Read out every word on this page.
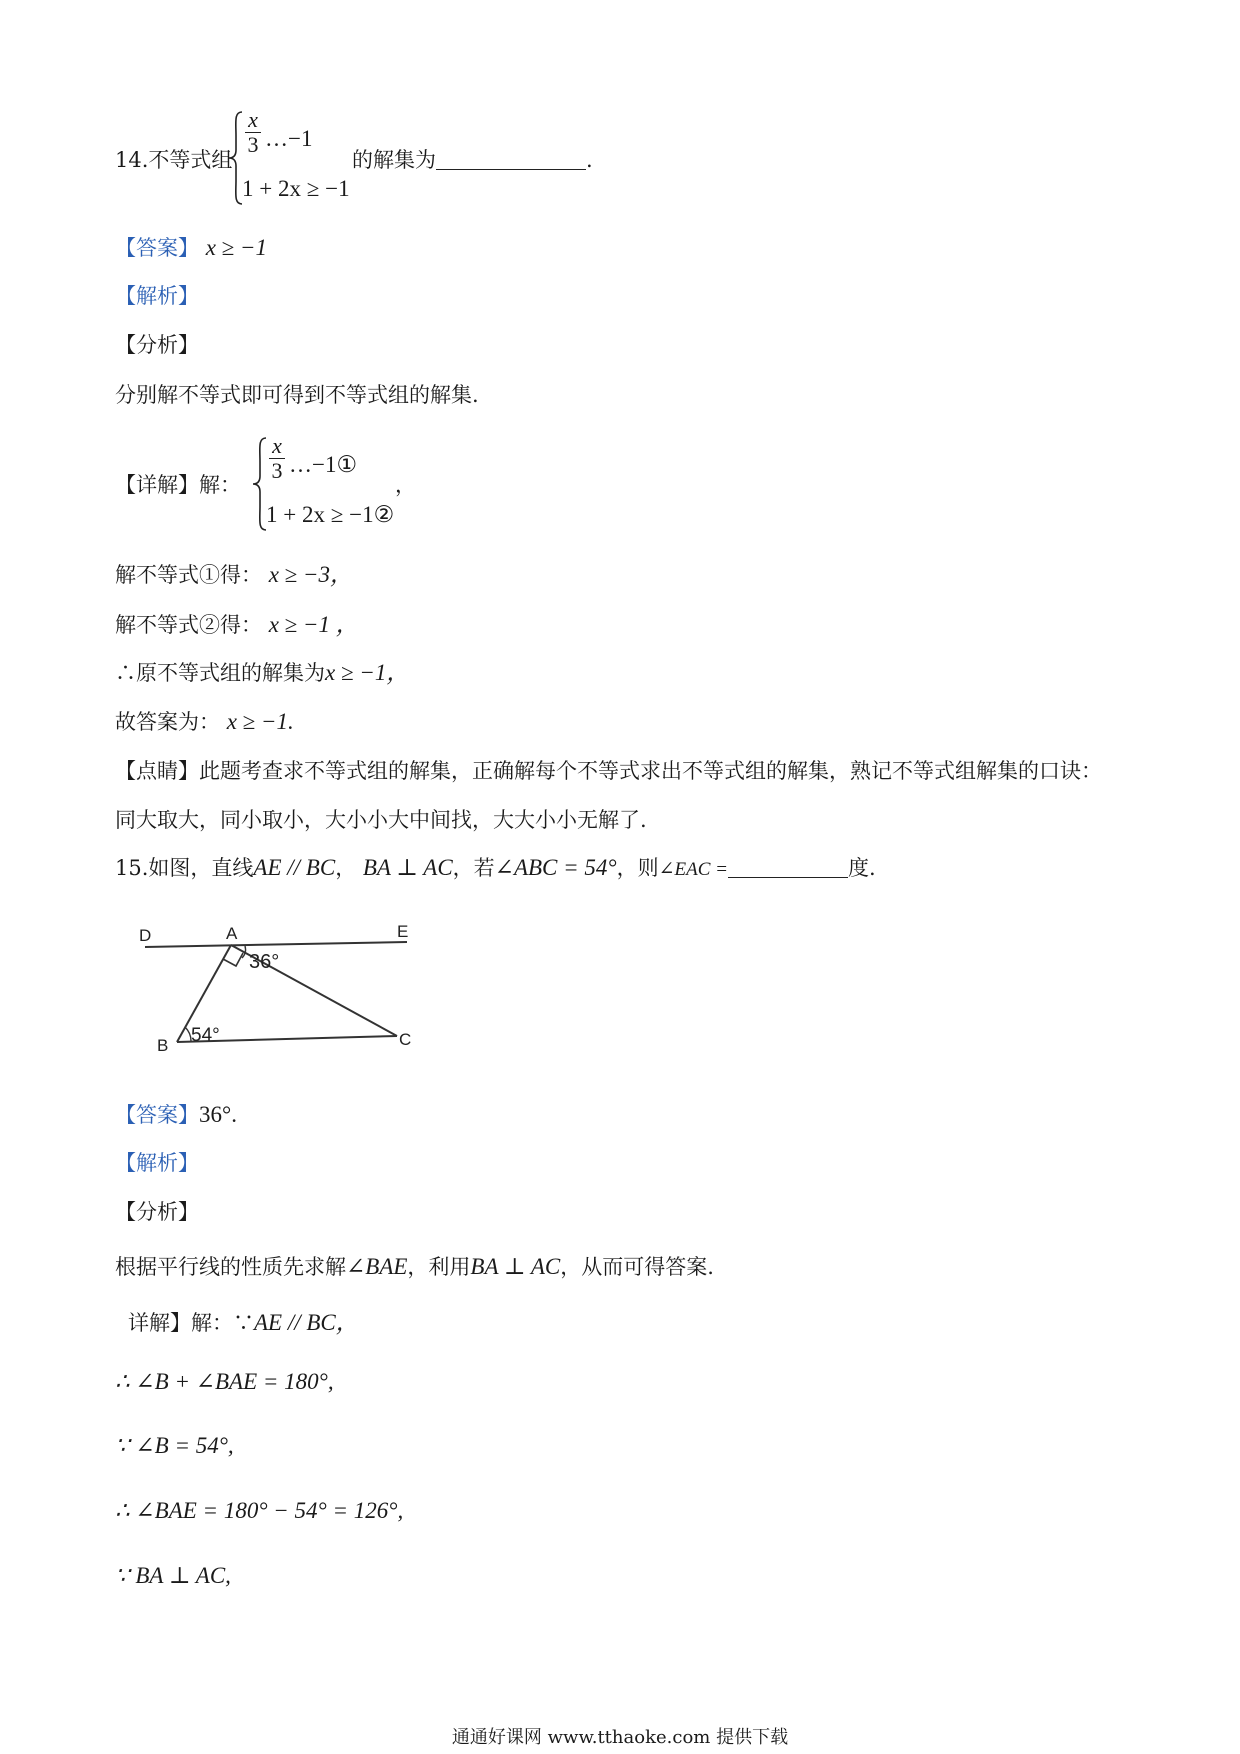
14.不等式组
x
3 …−1
1 + 2x ≥ −1
的解集为	.
【答案】 x ≥ −1
【解析】
【分析】
分别解不等式即可得到不等式组的解集.
【详解】解：
x
3 …−1①
1 + 2x ≥ −1②
，
解不等式①得： x ≥ −3，
解不等式②得： x ≥ −1 ，
∴原不等式组的解集为x ≥ −1，
故答案为： x ≥ −1.
【点睛】此题考查求不等式组的解集，正确解每个不等式求出不等式组的解集，熟记不等式组解集的口诀：
同大取大，同小取小，大小小大中间找，大大小小无解了.
15.如图，直线AE // BC， BA ⊥ AC，若∠ABC = 54°，则∠EAC =	度.
D	A	E
B	C
36°
54°
【答案】36°.
【解析】
【分析】
根据平行线的性质先求解∠BAE，利用BA ⊥ AC，从而可得答案.
详解】解：∵AE // BC，
∴ ∠B + ∠BAE = 180°,
∵ ∠B = 54°,
∴ ∠BAE = 180° − 54° = 126°,
∵ BA ⊥ AC,
通通好课网 www.tthaoke.com 提供下载
